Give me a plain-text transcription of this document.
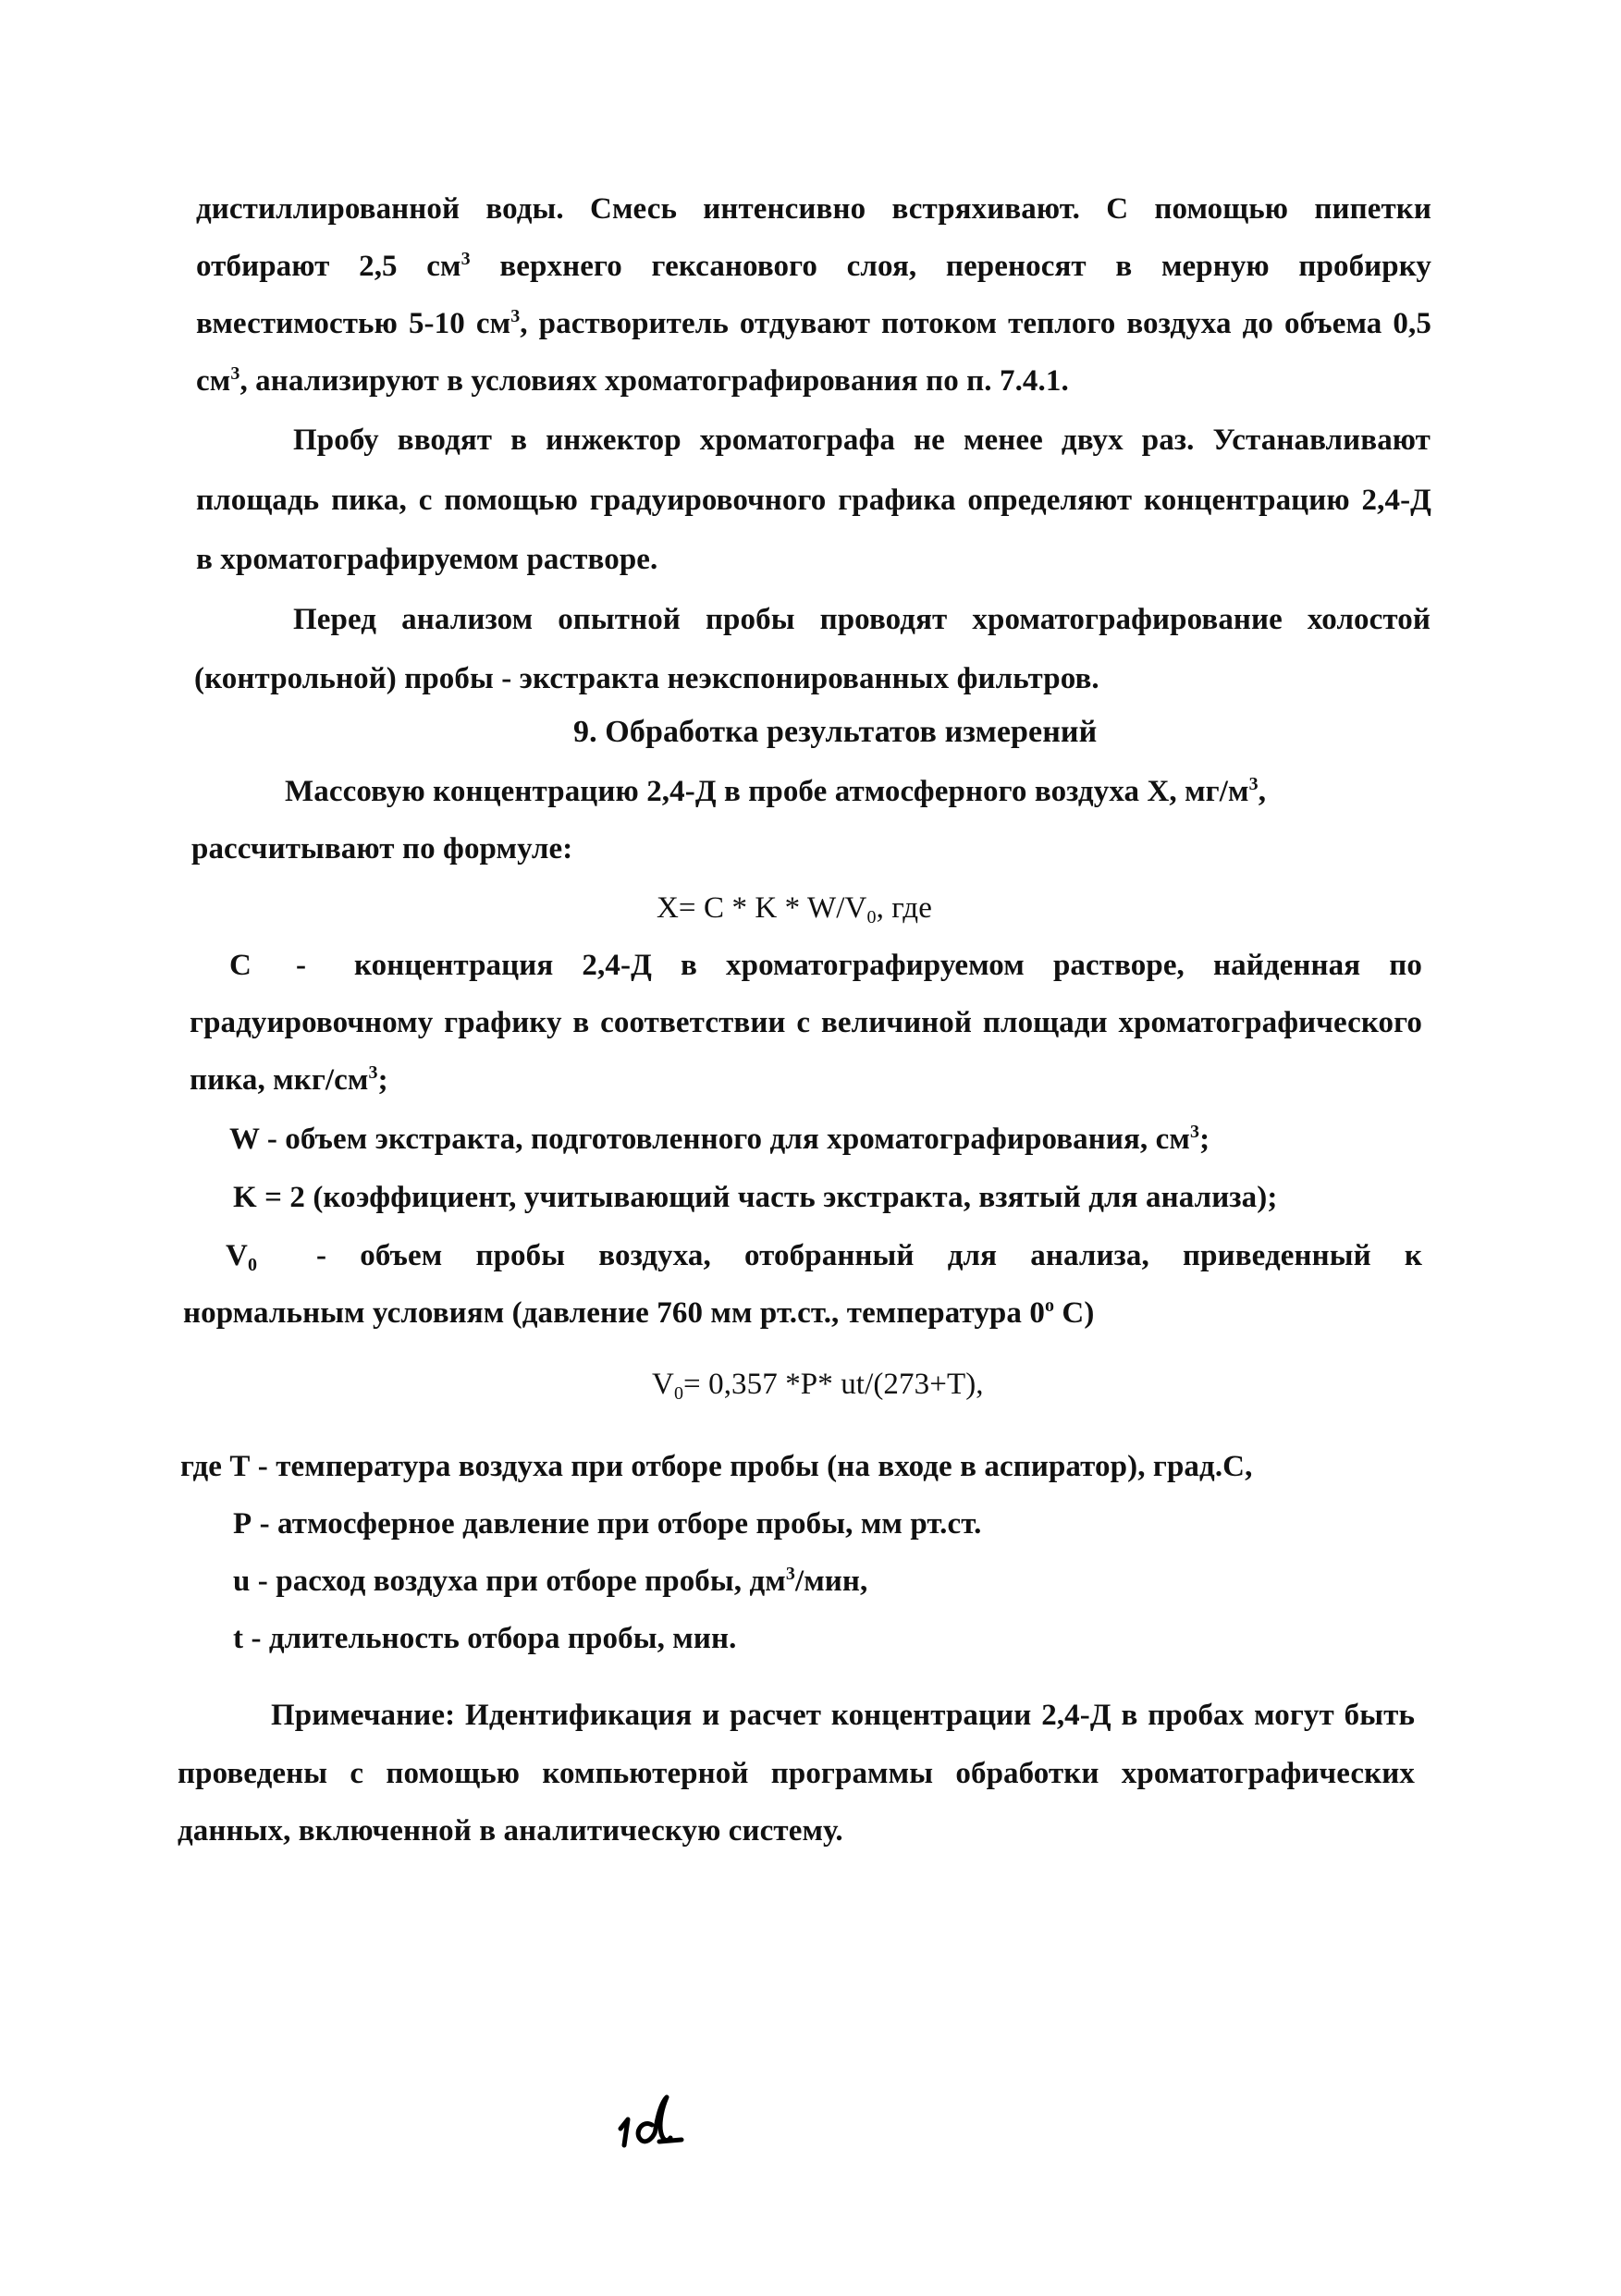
дистиллированной воды. Смесь интенсивно встряхивают. С помощью пипетки
отбирают 2,5 $см^3$ верхнего гексанового слоя, переносят в мерную пробирку
вместимостью 5-10 $см^3$, растворитель отдувают потоком теплого воздуха до объема 0,5
$см^3$, анализируют в условиях хроматографирования по п. 7.4.1.
Пробу вводят в инжектор хроматографа не менее двух раз. Устанавливают
площадь пика, с помощью градуировочного графика определяют концентрацию 2,4-Д
в хроматографируемом растворе.
Перед анализом опытной пробы проводят хроматографирование холостой
(контрольной) пробы - экстракта неэкспонированных фильтров.
9. Обработка результатов измерений
Массовую концентрацию 2,4-Д в пробе атмосферного воздуха X, $мг/м^3$,
рассчитывают по формуле:
$X= C * K * W/V_0$, где
C - концентрация 2,4-Д в хроматографируемом растворе, найденная по
градуировочному графику в соответствии с величиной площади хроматографического
пика, мкг/$см^3$;
W - объем экстракта, подготовленного для хроматографирования, $см^3$;
K = 2 (коэффициент, учитывающий часть экстракта, взятый для анализа);
$V_0$ - объем пробы воздуха, отобранный для анализа, приведенный к
нормальным условиям (давление 760 мм рт.ст., температура 0$^o$ С)
$V_0= 0,357$ *P* ut/(273+T),
где Т - температура воздуха при отборе пробы (на входе в аспиратор), град.С,
Р - атмосферное давление при отборе пробы, мм рт.ст.
u - расход воздуха при отборе пробы, $дм^3$/мин,
t - длительность отбора пробы, мин.
Примечание: Идентификация и расчет концентрации 2,4-Д в пробах могут быть
проведены с помощью компьютерной программы обработки хроматографических
данных, включенной в аналитическую систему.
